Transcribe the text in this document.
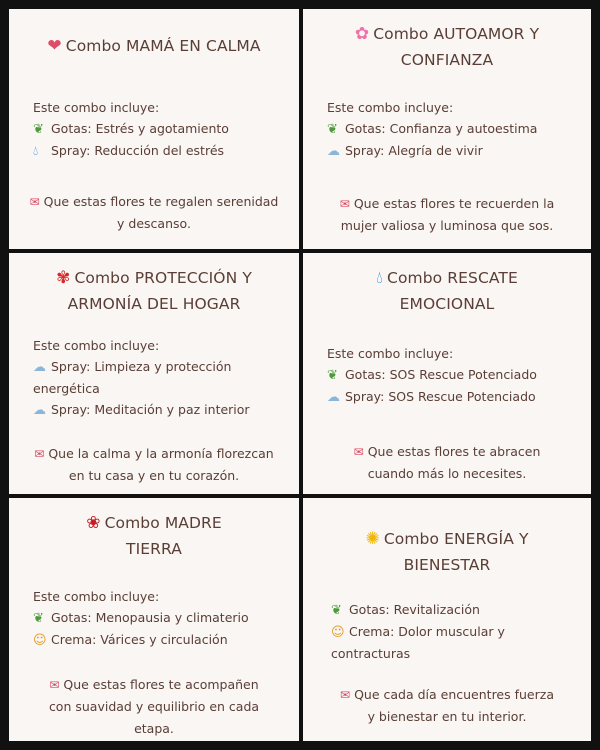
❤ Combo MAMÁ EN CALMA
Este combo incluye:
❦ Gotas: Estrés y agotamiento
💧︎ Spray: Reducción del estrés
✉ Que estas flores te regalen serenidad y descanso.
✿ Combo AUTOAMOR Y CONFIANZA
Este combo incluye:
❦ Gotas: Confianza y autoestima
☁ Spray: Alegría de vivir
✉ Que estas flores te recuerden la mujer valiosa y luminosa que sos.
✾ Combo PROTECCIÓN Y ARMONÍA DEL HOGAR
Este combo incluye:
☁ Spray: Limpieza y protección energética
☁ Spray: Meditación y paz interior
✉ Que la calma y la armonía florezcan en tu casa y en tu corazón.
💧︎ Combo RESCATE EMOCIONAL
Este combo incluye:
❦ Gotas: SOS Rescue Potenciado
☁ Spray: SOS Rescue Potenciado
✉ Que estas flores te abracen cuando más lo necesites.
❀ Combo MADRE TIERRA
Este combo incluye:
❦ Gotas: Menopausia y climaterio
☺ Crema: Várices y circulación
✉ Que estas flores te acompañen con suavidad y equilibrio en cada etapa.
✺ Combo ENERGÍA Y BIENESTAR
❦ Gotas: Revitalización
☺ Crema: Dolor muscular y contracturas
✉ Que cada día encuentres fuerza y bienestar en tu interior.
